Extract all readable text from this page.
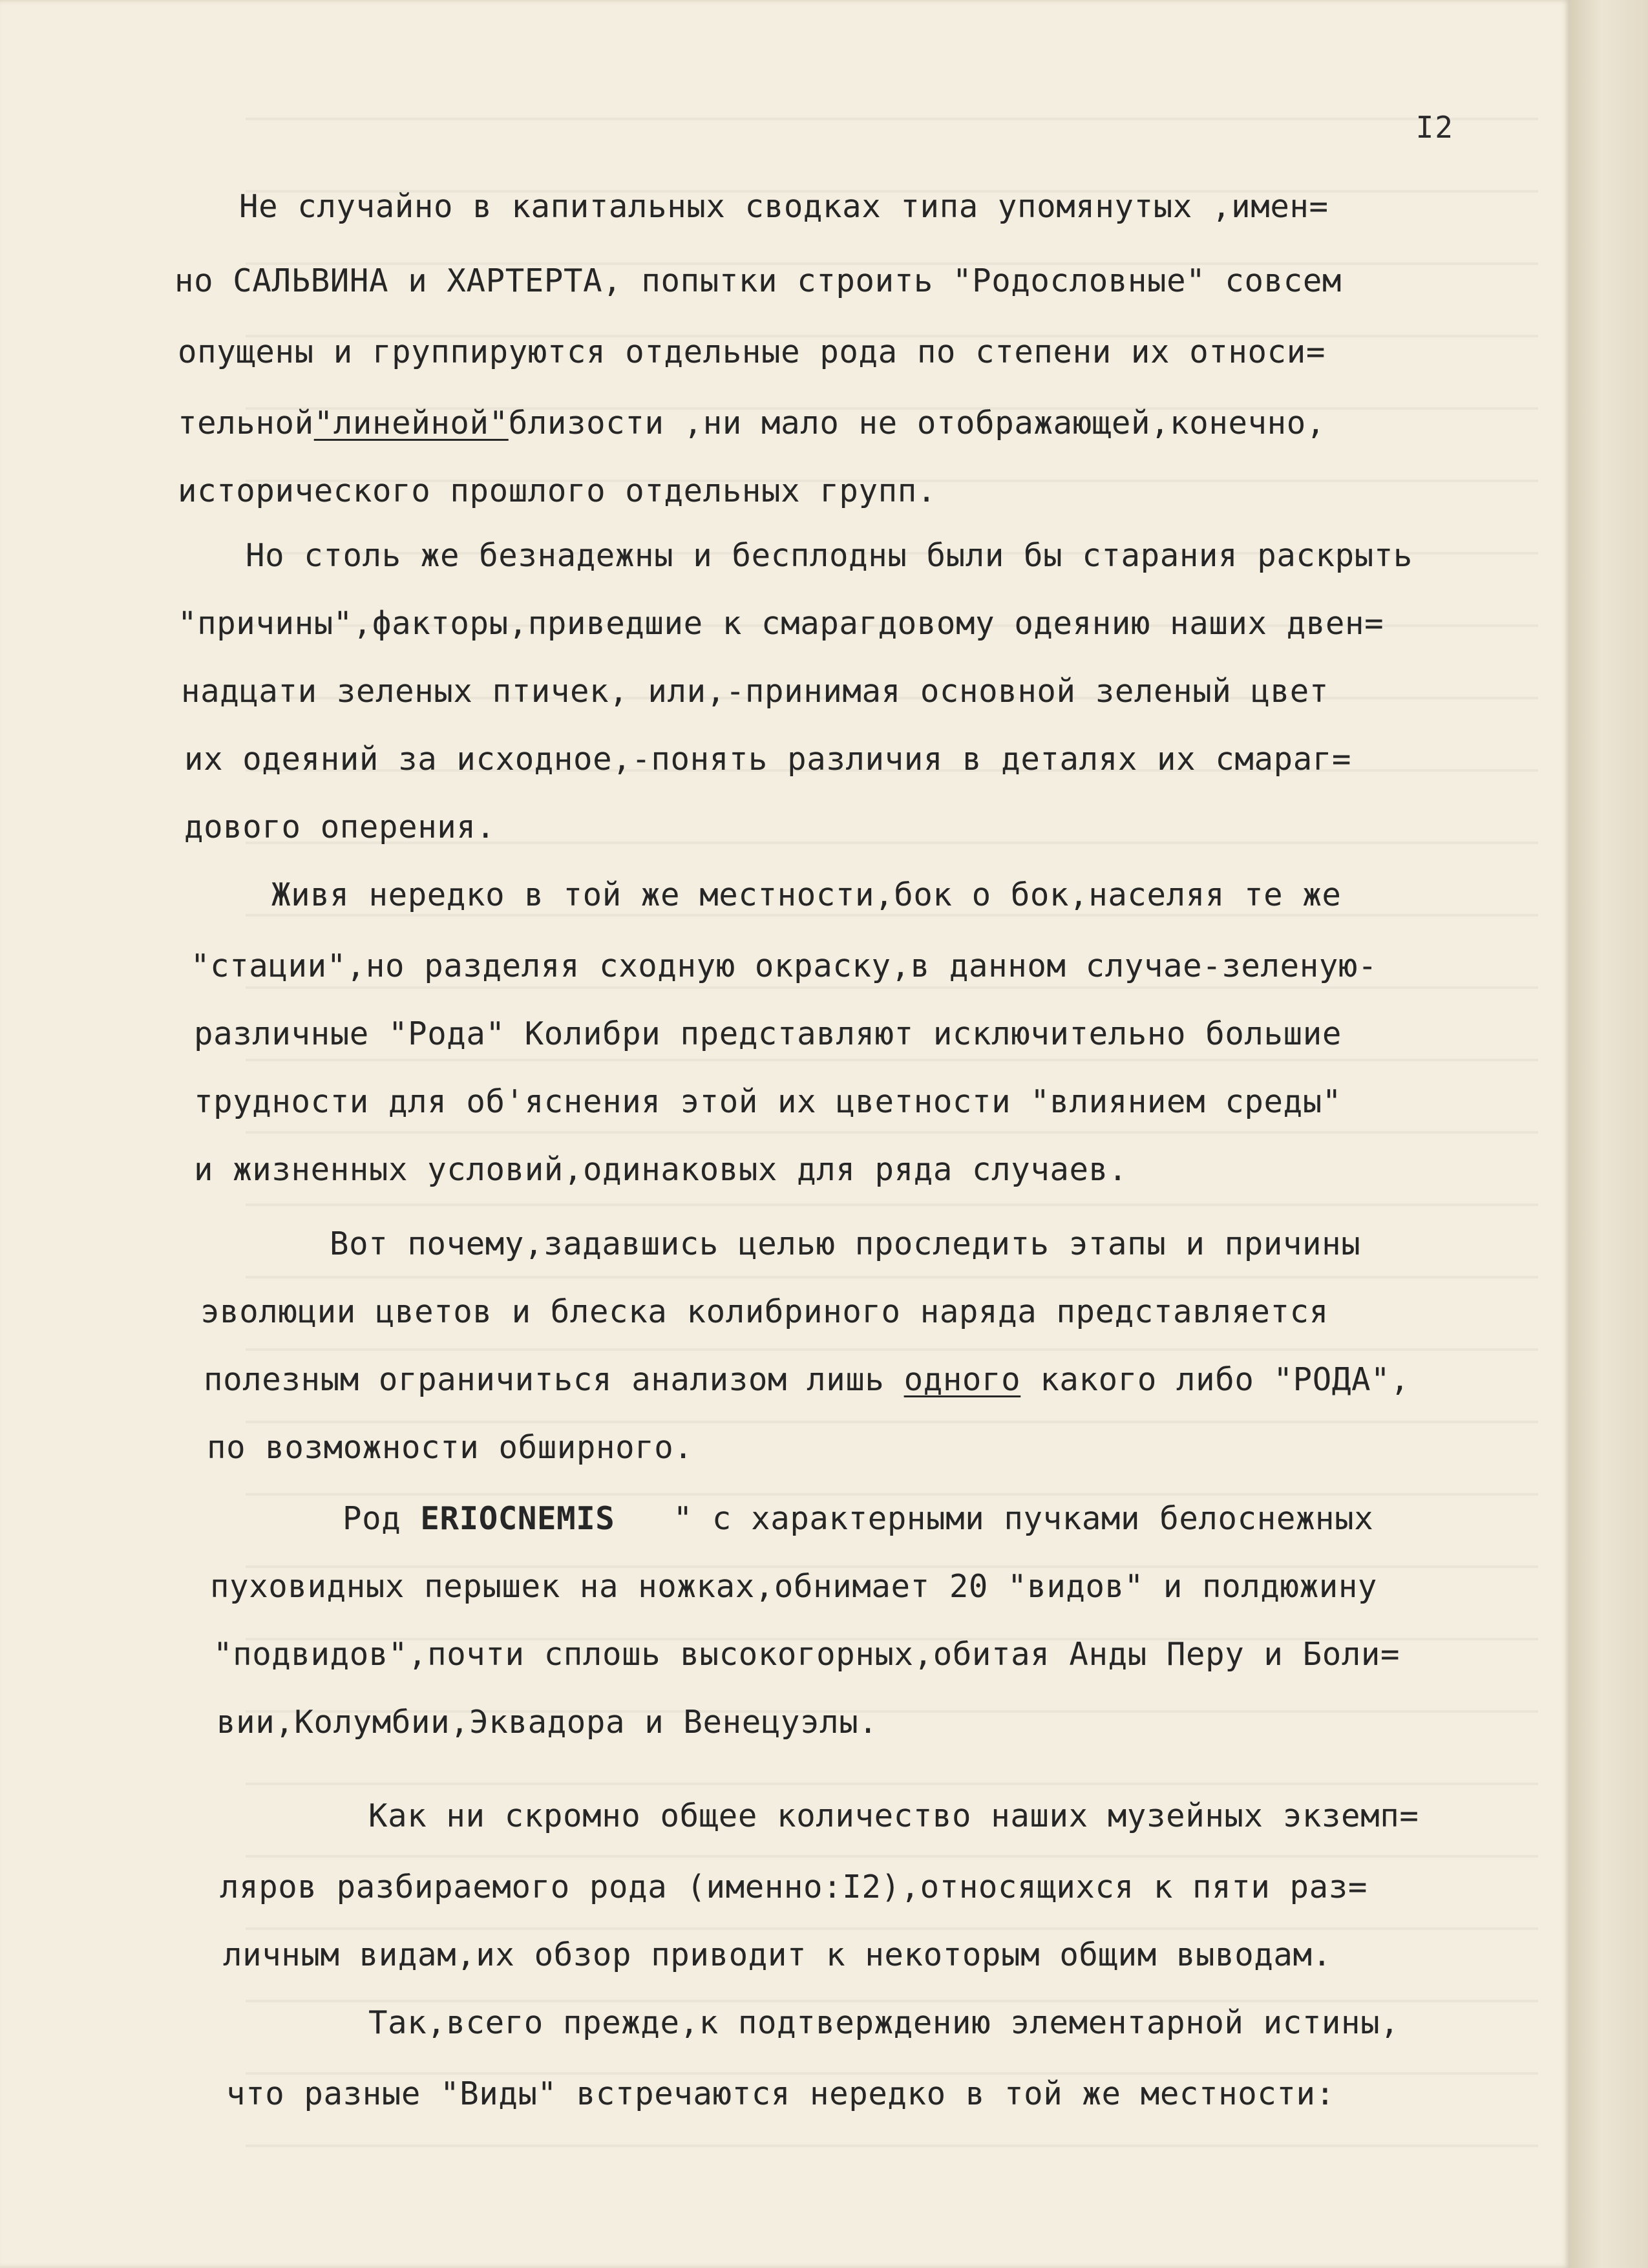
I2
Не случайно в капитальных сводках типа упомянутых ,имен=
но САЛЬВИНА и ХАРТЕРТА, попытки строить "Родословные" совсем
опущены и группируются отдельные рода по степени их относи=
тельной"линейной"близости ,ни мало не отображающей,конечно,
исторического прошлого отдельных групп.
Но столь же безнадежны и бесплодны были бы старания раскрыть
"причины",факторы,приведшие к смарагдовому одеянию наших двен=
надцати зеленых птичек, или,-принимая основной зеленый цвет
их одеяний за исходное,-понять различия в деталях их смараг=
дового оперения.
Живя нередко в той же местности,бок о бок,населяя те же
"стации",но разделяя сходную окраску,в данном случае-зеленую-
различные "Рода" Колибри представляют исключительно большие
трудности для об'яснения этой их цветности "влиянием среды"
и жизненных условий,одинаковых для ряда случаев.
Вот почему,задавшись целью проследить этапы и причины
эволюции цветов и блеска колибриного наряда представляется
полезным ограничиться анализом лишь одного какого либо "РОДА",
по возможности обширного.
Род ERIOCNEMIS   " с характерными пучками белоснежных
пуховидных перышек на ножках,обнимает 20 "видов" и полдюжину
"подвидов",почти сплошь высокогорных,обитая Анды Перу и Боли=
вии,Колумбии,Эквадора и Венецуэлы.
Как ни скромно общее количество наших музейных экземп=
ляров разбираемого рода (именно:I2),относящихся к пяти раз=
личным видам,их обзор приводит к некоторым общим выводам.
Так,всего прежде,к подтверждению элементарной истины,
что разные "Виды" встречаются нередко в той же местности:
